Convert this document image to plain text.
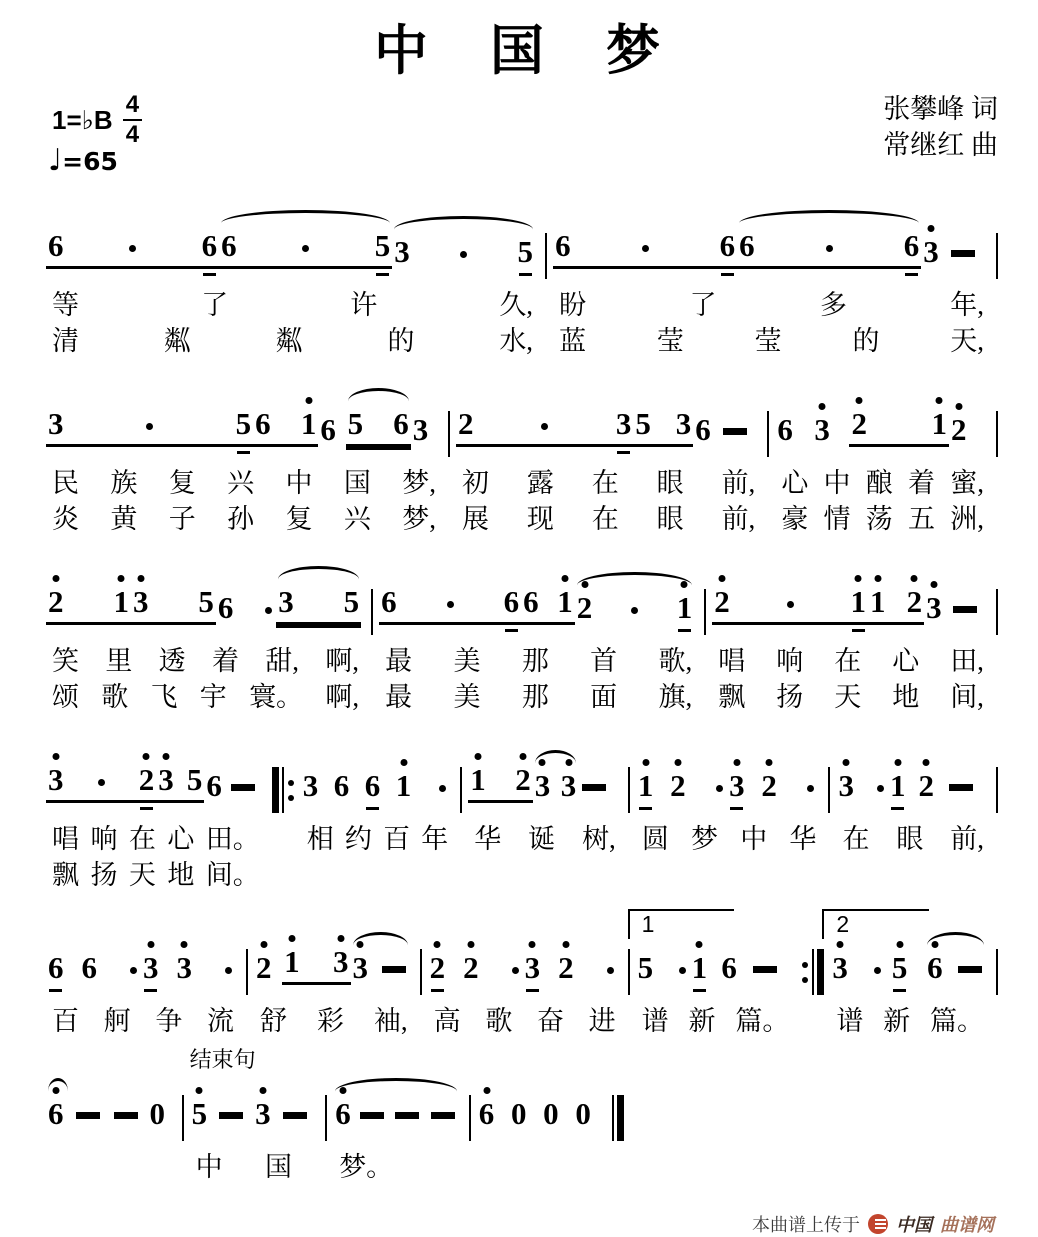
中　国　梦
1=♭B 4
4
♩=65
张攀峰 词
常继红 曲
6	6 6	5 3	5
等	了	许	久,
清	粼	粼	的	水,
6	6 6	6 3
盼	了	多	年,
蓝	莹	莹	的	天,
3	5 6 1 6 5 6 3
民 族 复 兴 中 国 梦,
炎 黄 子 孙 复 兴 梦,
2	3 5 3 6
初 露 在 眼 前,
展 现 在 眼 前,
6 3 2 1 2
心 中 酿 着 蜜,
豪 情 荡 五 洲,
2 1 3 5 6 3 5
笑 里 透 着 甜, 啊,
颂 歌 飞 宇 寰。 啊,
6	6 6 1 2	1
最 美 那 首 歌,
最 美 那 面 旗,
2	1 1 2 3
唱 响 在 心 田,
飘 扬 天 地 间,
3 2 3 5 6
唱 响 在 心 田。
飘 扬 天 地 间。
3 6 6 1
相 约 百 年
1 2 3 3
华 诞 树,
1 2 3 2
圆 梦 中 华
3 1 2
在 眼 前,
6 6 3 3
百 舸 争 流
2 1 3 3
舒 彩 袖,
2 2 3 2
高 歌 奋 进
1
5 1 6
谱 新 篇。
2
3 5 6
谱 新 篇。
6	0
结束句
5 3
中 国
6
梦。
6 0 0 0
本曲谱上传于 中国 曲谱网
